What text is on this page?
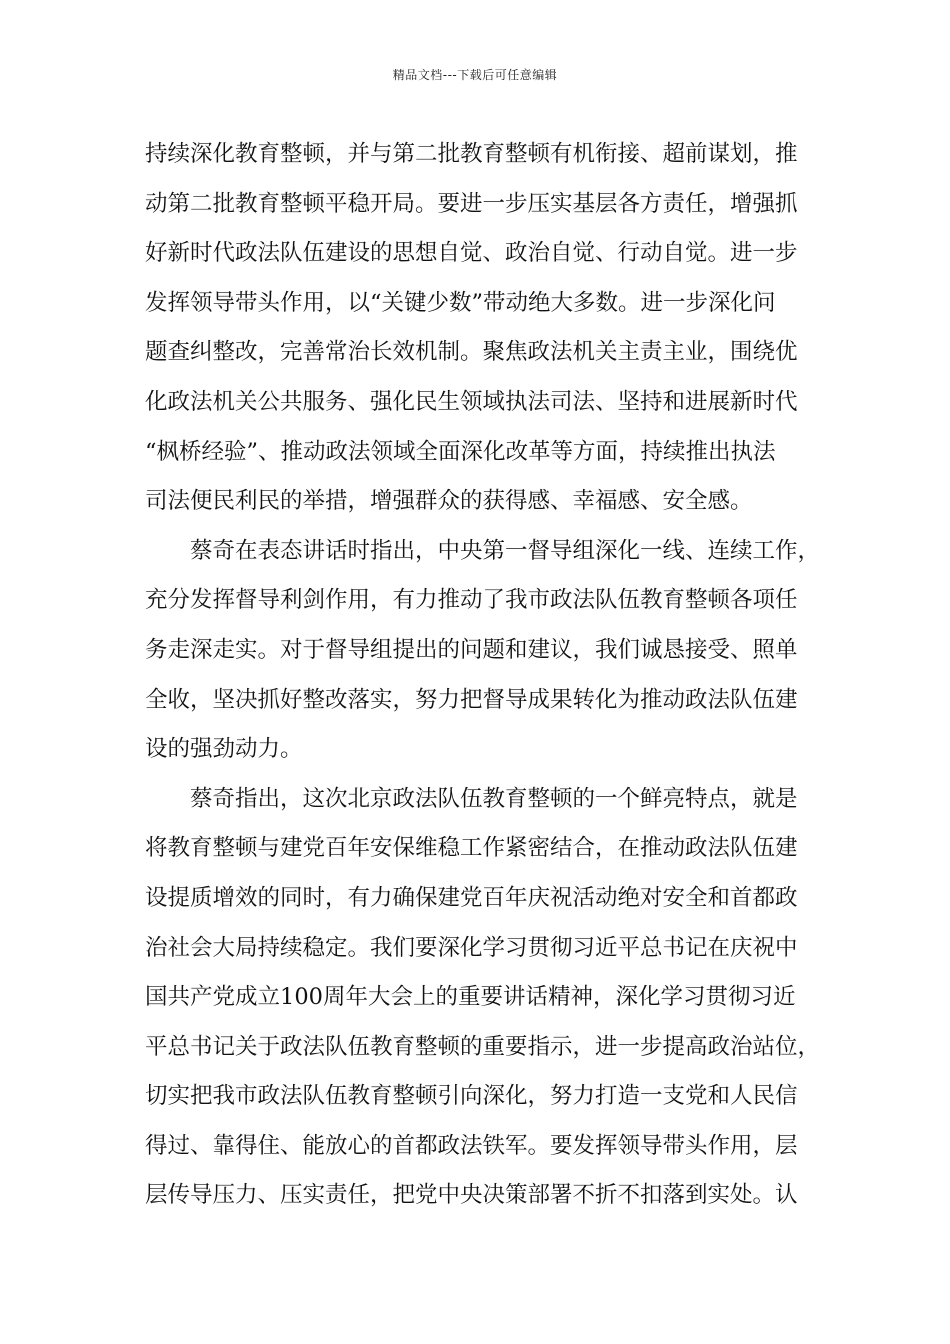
精品文档---下载后可任意编辑
持续深化教育整顿，并与第二批教育整顿有机衔接、超前谋划，推
动第二批教育整顿平稳开局。要进一步压实基层各方责任，增强抓
好新时代政法队伍建设的思想自觉、政治自觉、行动自觉。进一步
发挥领导带头作用，以“关键少数”带动绝大多数。进一步深化问
题查纠整改，完善常治长效机制。聚焦政法机关主责主业，围绕优
化政法机关公共服务、强化民生领域执法司法、坚持和进展新时代
“枫桥经验”、推动政法领域全面深化改革等方面，持续推出执法
司法便民利民的举措，增强群众的获得感、幸福感、安全感。
蔡奇在表态讲话时指出，中央第一督导组深化一线、连续工作，
充分发挥督导利剑作用，有力推动了我市政法队伍教育整顿各项任
务走深走实。对于督导组提出的问题和建议，我们诚恳接受、照单
全收，坚决抓好整改落实，努力把督导成果转化为推动政法队伍建
设的强劲动力。
蔡奇指出，这次北京政法队伍教育整顿的一个鲜亮特点，就是
将教育整顿与建党百年安保维稳工作紧密结合，在推动政法队伍建
设提质增效的同时，有力确保建党百年庆祝活动绝对安全和首都政
治社会大局持续稳定。我们要深化学习贯彻习近平总书记在庆祝中
国共产党成立100周年大会上的重要讲话精神，深化学习贯彻习近
平总书记关于政法队伍教育整顿的重要指示，进一步提高政治站位，
切实把我市政法队伍教育整顿引向深化，努力打造一支党和人民信
得过、靠得住、能放心的首都政法铁军。要发挥领导带头作用，层
层传导压力、压实责任，把党中央决策部署不折不扣落到实处。认
